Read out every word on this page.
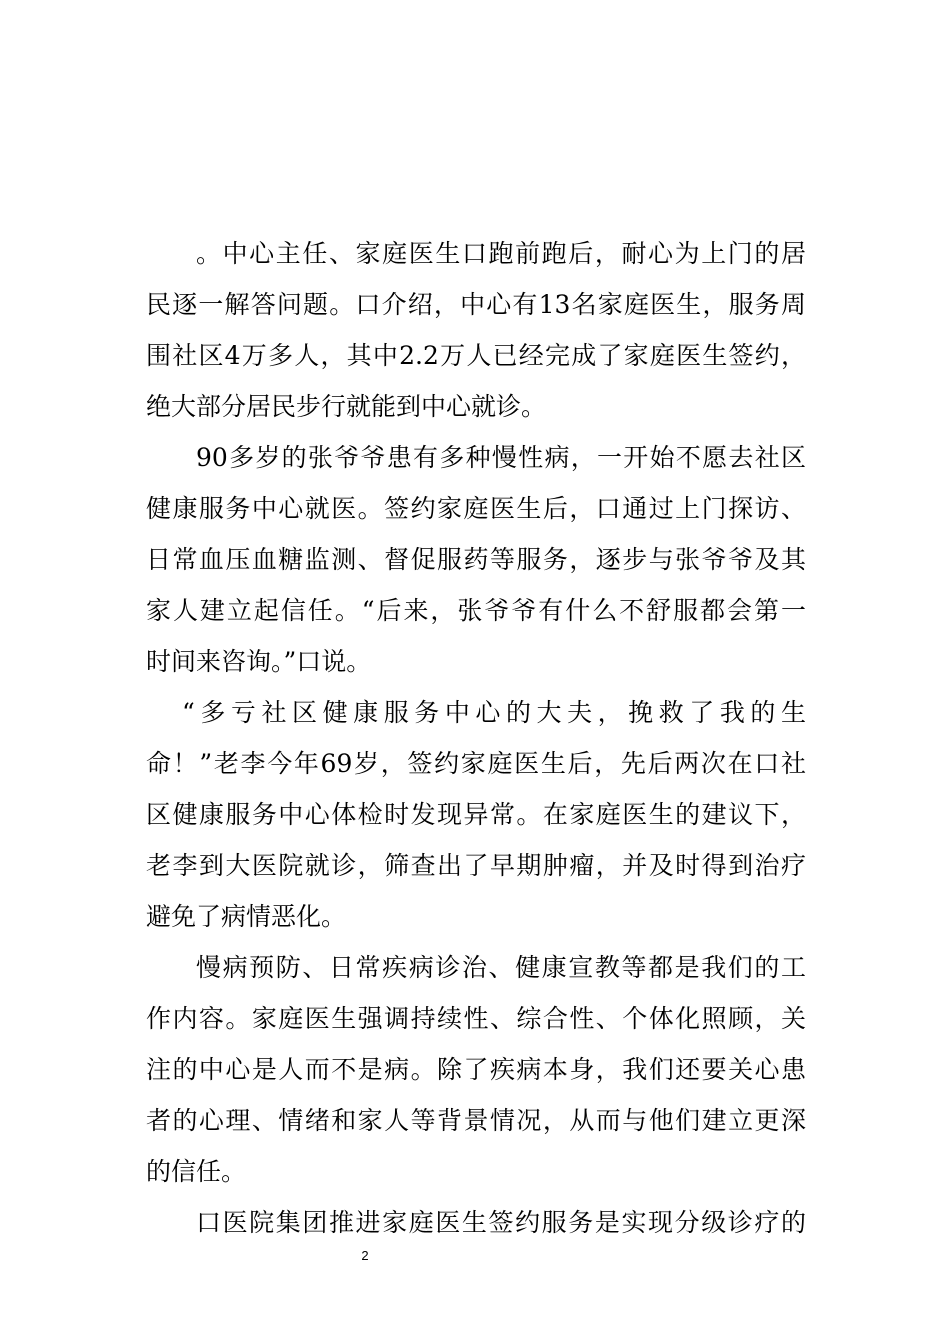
。中心主任、家庭医生口跑前跑后，耐心为上门的居
民逐一解答问题。口介绍，中心有13名家庭医生，服务周
围社区4万多人，其中2.2万人已经完成了家庭医生签约，
绝大部分居民步行就能到中心就诊。
90多岁的张爷爷患有多种慢性病，一开始不愿去社区
健康服务中心就医。签约家庭医生后，口通过上门探访、
日常血压血糖监测、督促服药等服务，逐步与张爷爷及其
家人建立起信任。“后来，张爷爷有什么不舒服都会第一
时间来咨询。”口说。
“多亏社区健康服务中心的大夫，挽救了我的生
命！”老李今年69岁，签约家庭医生后，先后两次在口社
区健康服务中心体检时发现异常。在家庭医生的建议下，
老李到大医院就诊，筛查出了早期肿瘤，并及时得到治疗
避免了病情恶化。
慢病预防、日常疾病诊治、健康宣教等都是我们的工
作内容。家庭医生强调持续性、综合性、个体化照顾，关
注的中心是人而不是病。除了疾病本身，我们还要关心患
者的心理、情绪和家人等背景情况，从而与他们建立更深
的信任。
口医院集团推进家庭医生签约服务是实现分级诊疗的
2
